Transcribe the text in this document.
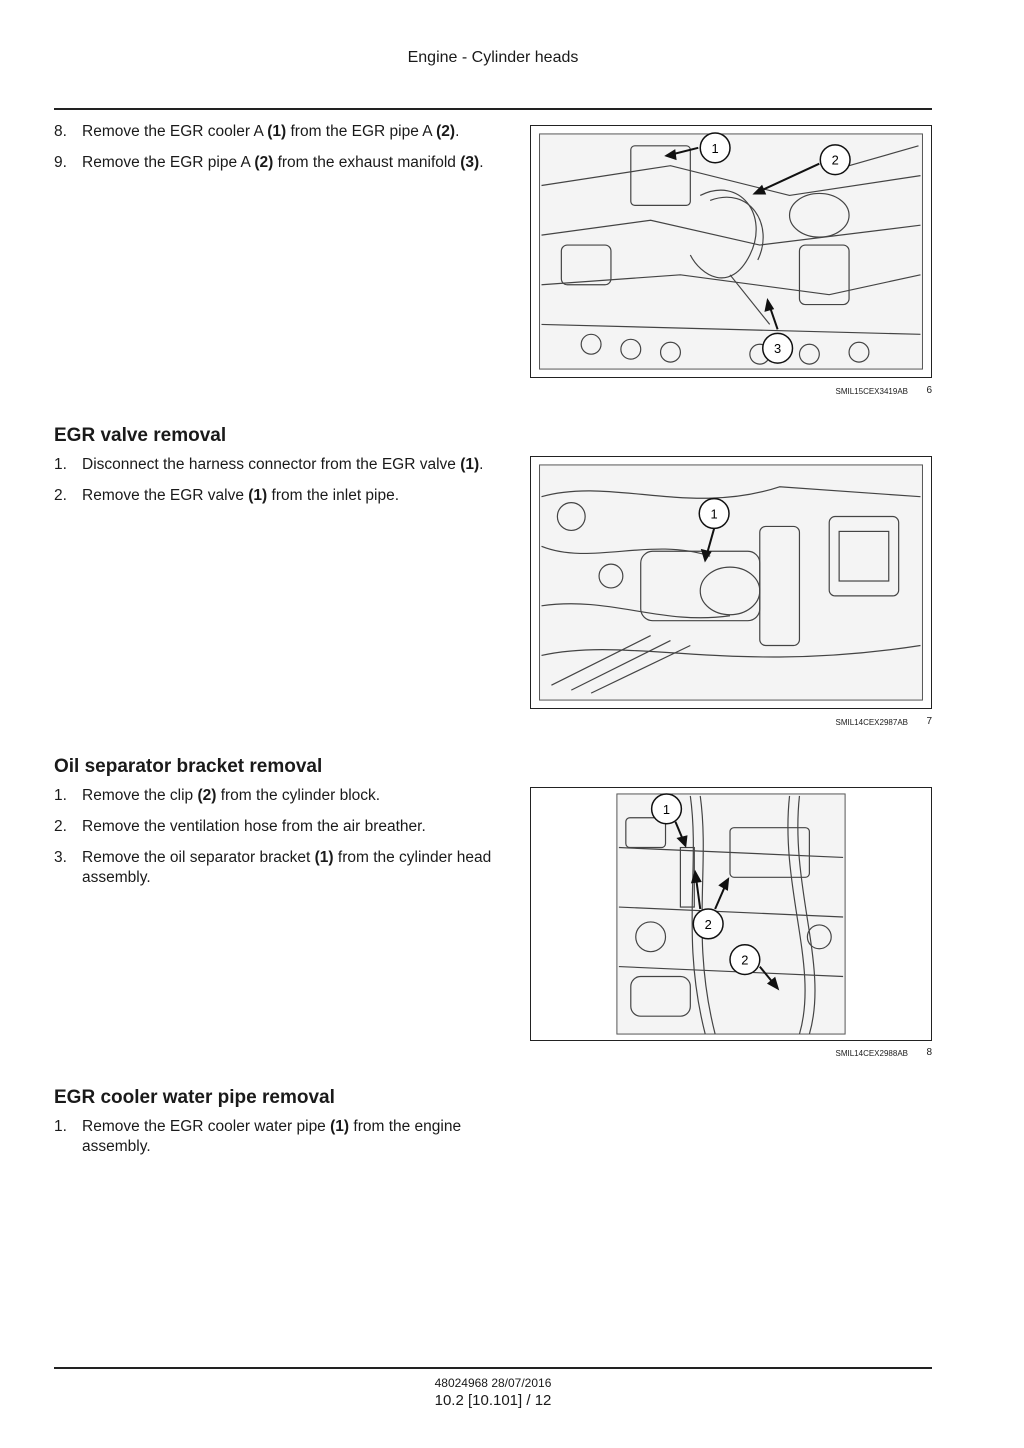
Engine - Cylinder heads
8. Remove the EGR cooler A (1) from the EGR pipe A (2).
9. Remove the EGR pipe A (2) from the exhaust manifold (3).
1
2
3
SMIL15CEX3419AB 6
EGR valve removal
1. Disconnect the harness connector from the EGR valve (1).
2. Remove the EGR valve (1) from the inlet pipe.
1
SMIL14CEX2987AB 7
Oil separator bracket removal
1. Remove the clip (2) from the cylinder block.
2. Remove the ventilation hose from the air breather.
3. Remove the oil separator bracket (1) from the cylinder head assembly.
1
2
2
SMIL14CEX2988AB 8
EGR cooler water pipe removal
1. Remove the EGR cooler water pipe (1) from the engine assembly.
48024968 28/07/2016
10.2 [10.101] / 12
